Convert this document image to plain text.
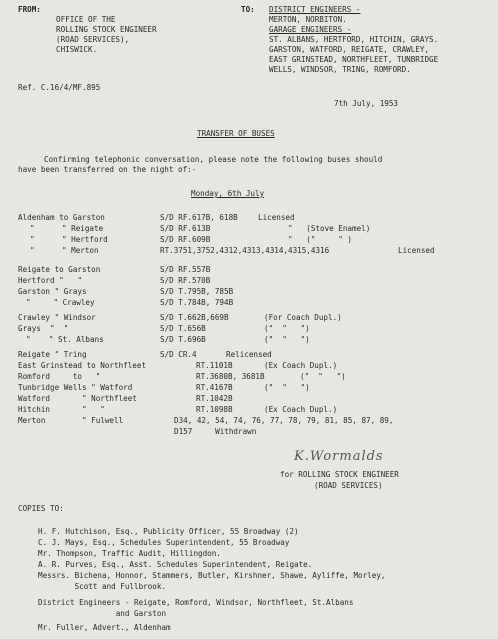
FROM:
OFFICE OF THE
ROLLING STOCK ENGINEER
(ROAD SERVICES),
CHISWICK.
TO: DISTRICT ENGINEERS -
MERTON, NORBITON.
GARAGE ENGINEERS -
ST. ALBANS, HERTFORD, HITCHIN, GRAYS.
GARSTON, WATFORD, REIGATE, CRAWLEY,
EAST GRINSTEAD, NORTHFLEET, TUNBRIDGE
WELLS, WINDSOR, TRING, ROMFORD.
Ref. C.16/4/MF.895
7th July, 1953
TRANSFER OF BUSES
Confirming telephonic conversation, please note the following buses should
have been transferred on the night of:-
Monday, 6th July
Aldenham to Garston	S/D RF.617B, 618B	Licensed
"      " Reigate	S/D RF.613B	"   (Stove Enamel)
"      " Hertford	S/D RF.609B	"   ("     " )
"      " Merton	RT.3751,3752,4312,4313,4314,4315,4316	Licensed
Reigate to Garston	S/D RF.557B
Hertford "   "	S/D RF.570B
Garston " Grays	S/D T.795B, 785B
"     " Crawley	S/D T.784B, 794B
Crawley " Windsor	S/D T.662B,669B	(For Coach Dupl.)
Grays  "  "	S/D T.656B	("  "   ")
"    " St. Albans	S/D T.696B	("  "   ")
Reigate " Tring	S/D CR.4	Relicensed
East Grinstead to Northfleet	RT.1101B	(Ex Coach Dupl.)
Romford     to   "	RT.3680B, 3681B	("  "   ")
Tunbridge Wells " Watford	RT.4167B	("  "   ")
Watford       " Northfleet	RT.1042B
Hitchin       "   "	RT.1098B	(Ex Coach Dupl.)
Merton        " Fulwell	D34, 42, 54, 74, 76, 77, 78, 79, 81, 85, 87, 89,
D157     Withdrawn
K.Wormalds
for ROLLING STOCK ENGINEER
(ROAD SERVICES)
COPIES TO:
H. F. Hutchison, Esq., Publicity Officer, 55 Broadway (2)
C. J. Mays, Esq., Schedules Superintendent, 55 Broadway
Mr. Thompson, Traffic Audit, Hillingdon.
A. R. Purves, Esq., Asst. Schedules Superintendent, Reigate.
Messrs. Bichena, Honnor, Stammers, Butler, Kirshner, Shawe, Ayliffe, Morley,
Scott and Fullbrook.
District Engineers - Reigate, Romford, Windsor, Northfleet, St.Albans
and Garston
Mr. Fuller, Advert., Aldenham
